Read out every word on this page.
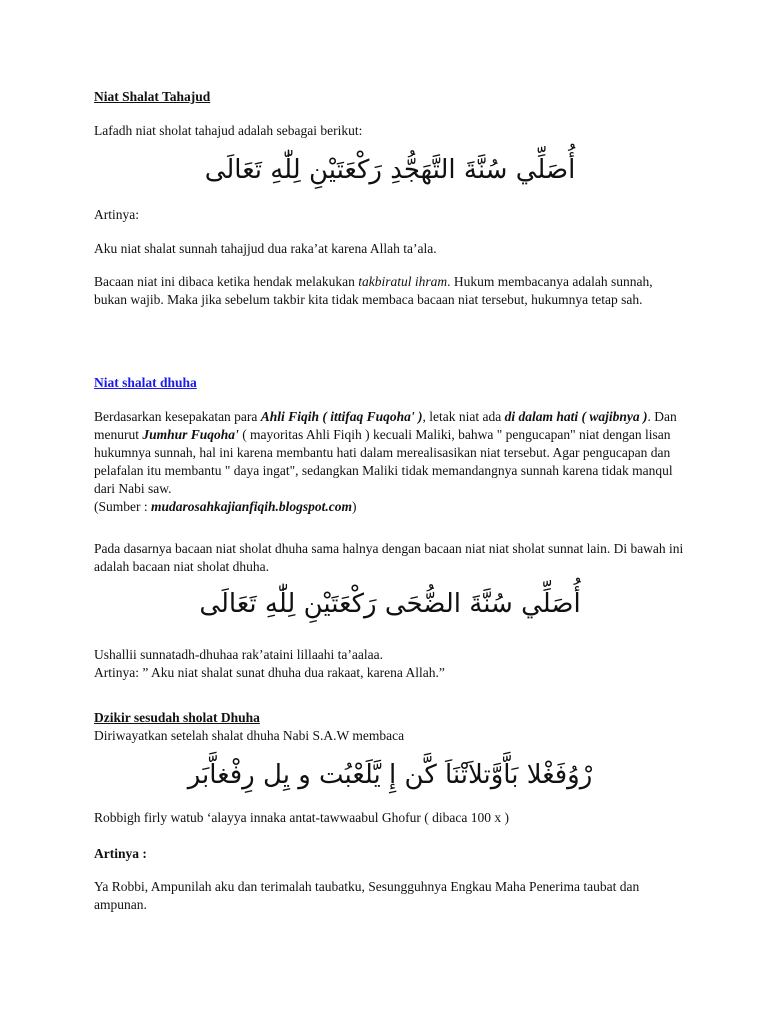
Niat Shalat Tahajud

Lafadh niat sholat tahajud adalah sebagai berikut:

أُصَلِّي سُنَّةَ التَّهَجُّدِ رَكْعَتَيْنِ لِلّٰهِ تَعَالَى

Artinya:

Aku niat shalat sunnah tahajjud dua raka’at karena Allah ta’ala.

Bacaan niat ini dibaca ketika hendak melakukan takbiratul ihram. Hukum membacanya adalah sunnah, bukan wajib. Maka jika sebelum takbir kita tidak membaca bacaan niat tersebut, hukumnya tetap sah.

Niat shalat dhuha

Berdasarkan kesepakatan para Ahli Fiqih ( ittifaq Fuqoha' ), letak niat ada di dalam hati ( wajibnya ). Dan menurut Jumhur Fuqoha' ( mayoritas Ahli Fiqih ) kecuali Maliki, bahwa " pengucapan" niat dengan lisan hukumnya sunnah, hal ini karena membantu hati dalam merealisasikan niat tersebut. Agar pengucapan dan pelafalan itu membantu " daya ingat", sedangkan Maliki tidak memandangnya sunnah karena tidak manqul dari Nabi saw.
(Sumber : mudarosahkajianfiqih.blogspot.com)

Pada dasarnya bacaan niat sholat dhuha sama halnya dengan bacaan niat niat sholat sunnat lain. Di bawah ini adalah bacaan niat sholat dhuha.

أُصَلِّي سُنَّةَ الضُّحَى رَكْعَتَيْنِ لِلّٰهِ تَعَالَى

Ushallii sunnatadh-dhuhaa rak’ataini lillaahi ta’aalaa.

Artinya: ” Aku niat shalat sunat dhuha dua rakaat, karena Allah.”

Dzikir sesudah sholat Dhuha

Diriwayatkan setelah shalat dhuha Nabi S.A.W membaca

رْوُفَغْلا بَاَّوَّتلاَتْنَاَ كَّن إِ يَّلَعْبُت و يِل رِفْغاَّبَر

Robbigh firly watub ‘alayya innaka antat-tawwaabul Ghofur ( dibaca 100 x )

Artinya :

Ya Robbi, Ampunilah aku dan terimalah taubatku, Sesungguhnya Engkau Maha Penerima taubat dan ampunan.
